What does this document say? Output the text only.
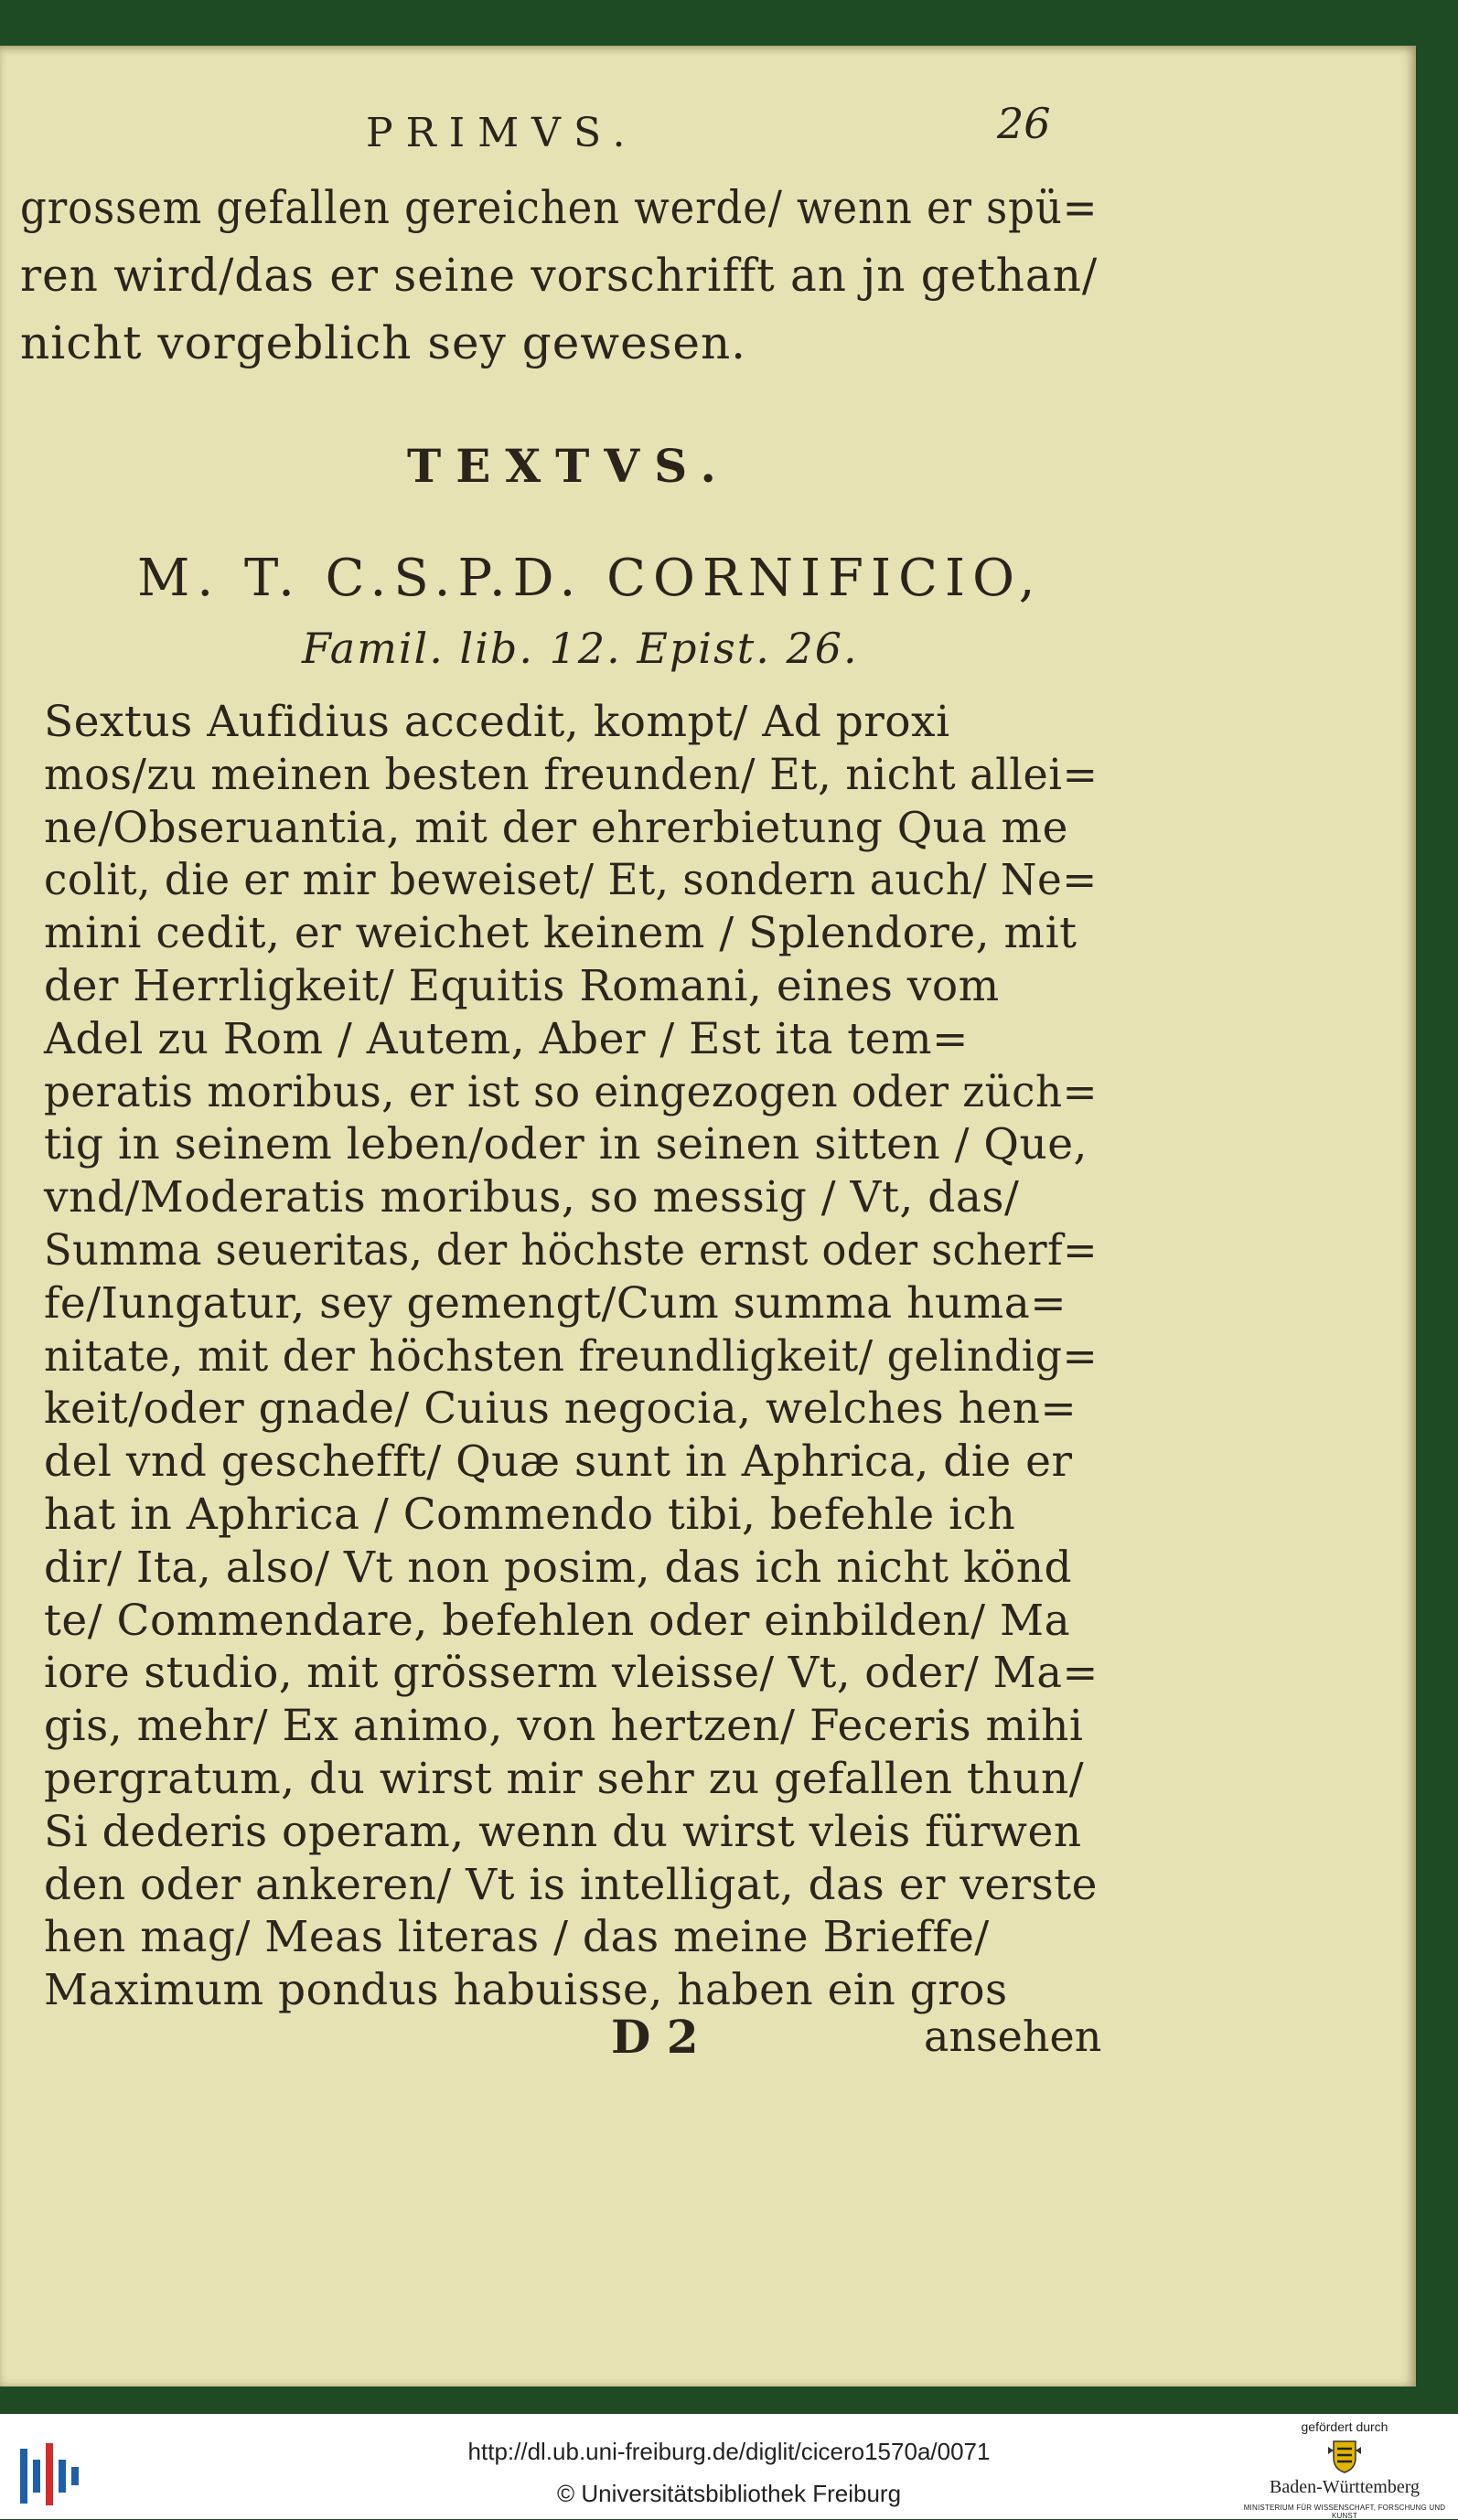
PRIMVS.	26
grossem gefallen gereichen werde/ wenn er spü=
ren wird/das er seine vorschrifft an jn gethan/
nicht vorgeblich sey gewesen.
TEXTVS.
M. T. C.S.P.D. CORNIFICIO,
Famil. lib. 12. Epist. 26.
Sextus Aufidius accedit, kompt/ Ad proxi
mos/zu meinen besten freunden/ Et, nicht allei=
ne/Obseruantia, mit der ehrerbietung Qua me
colit, die er mir beweiset/ Et, sondern auch/ Ne=
mini cedit, er weichet keinem / Splendore, mit
der Herrligkeit/ Equitis Romani, eines vom
Adel zu Rom / Autem, Aber / Est ita tem=
peratis moribus, er ist so eingezogen oder züch=
tig in seinem leben/oder in seinen sitten / Que,
vnd/Moderatis moribus, so messig / Vt, das/
Summa seueritas, der höchste ernst oder scherf=
fe/Iungatur, sey gemengt/Cum summa huma=
nitate, mit der höchsten freundligkeit/ gelindig=
keit/oder gnade/ Cuius negocia, welches hen=
del vnd geschefft/ Quæ sunt in Aphrica, die er
hat in Aphrica / Commendo tibi, befehle ich
dir/ Ita, also/ Vt non posim, das ich nicht könd
te/ Commendare, befehlen oder einbilden/ Ma
iore studio, mit grösserm vleisse/ Vt, oder/ Ma=
gis, mehr/ Ex animo, von hertzen/ Feceris mihi
pergratum, du wirst mir sehr zu gefallen thun/
Si dederis operam, wenn du wirst vleis fürwen
den oder ankeren/ Vt is intelligat, das er verste
hen mag/ Meas literas / das meine Brieffe/
Maximum pondus habuisse, haben ein gros
D 2	ansehen
http://dl.ub.uni-freiburg.de/diglit/cicero1570a/0071
© Universitätsbibliothek Freiburg
gefördert durch
Baden-Württemberg
MINISTERIUM FÜR WISSENSCHAFT, FORSCHUNG UND KUNST
